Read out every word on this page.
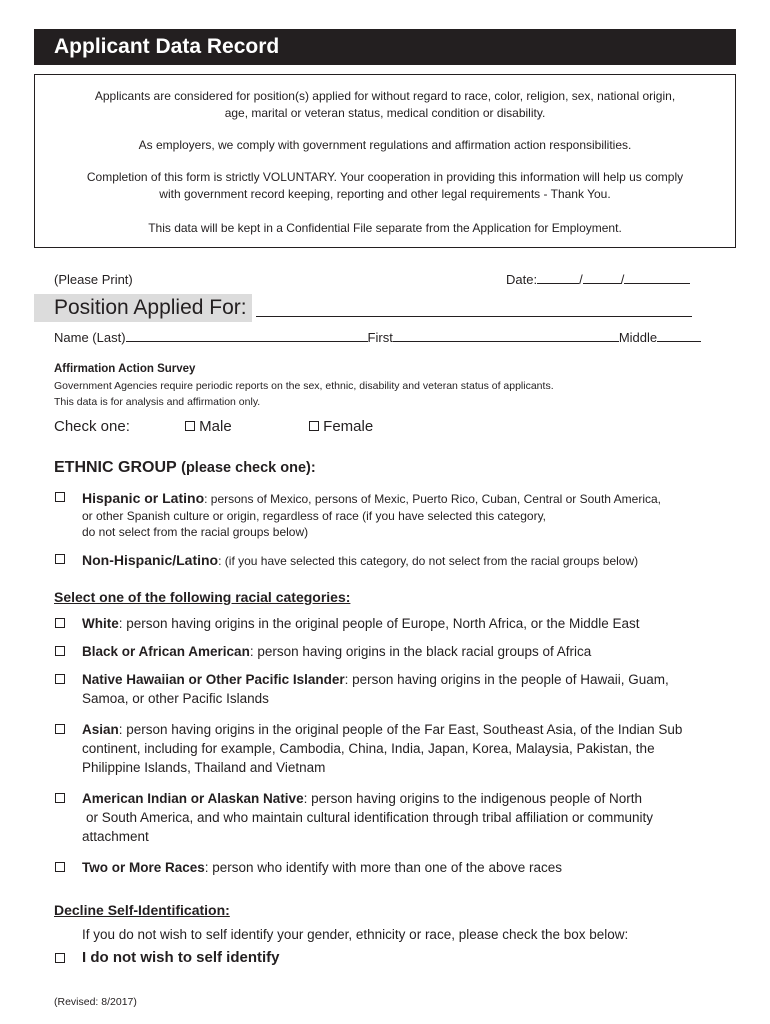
Applicant Data Record

Applicants are considered for position(s) applied for without regard to race, color, religion, sex, national origin, age, marital or veteran status, medical condition or disability.

As employers, we comply with government regulations and affirmation action responsibilities.

Completion of this form is strictly VOLUNTARY. Your cooperation in providing this information will help us comply with government record keeping, reporting and other legal requirements - Thank You.

This data will be kept in a Confidential File separate from the Application for Employment.

(Please Print)	Date:	/	/
Position Applied For:
Name (Last)	First	Middle
Affirmation Action Survey
Government Agencies require periodic reports on the sex, ethnic, disability and veteran status of applicants.
This data is for analysis and affirmation only.
Check one:	Male	Female
ETHNIC GROUP (please check one):
Hispanic or Latino: persons of Mexico, persons of Mexic, Puerto Rico, Cuban, Central or South America,
or other Spanish culture or origin, regardless of race (if you have selected this category,
do not select from the racial groups below)
Non-Hispanic/Latino: (if you have selected this category, do not select from the racial groups below)
Select one of the following racial categories:
White: person having origins in the original people of Europe, North Africa, or the Middle East
Black or African American: person having origins in the black racial groups of Africa
Native Hawaiian or Other Pacific Islander: person having origins in the people of Hawaii, Guam,
Samoa, or other Pacific Islands
Asian: person having origins in the original people of the Far East, Southeast Asia, of the Indian Sub
continent, including for example, Cambodia, China, India, Japan, Korea, Malaysia, Pakistan, the
Philippine Islands, Thailand and Vietnam
American Indian or Alaskan Native: person having origins to the indigenous people of North
or South America, and who maintain cultural identification through tribal affiliation or community
attachment
Two or More Races: person who identify with more than one of the above races
Decline Self-Identification:
If you do not wish to self identify your gender, ethnicity or race, please check the box below:
I do not wish to self identify
(Revised: 8/2017)
